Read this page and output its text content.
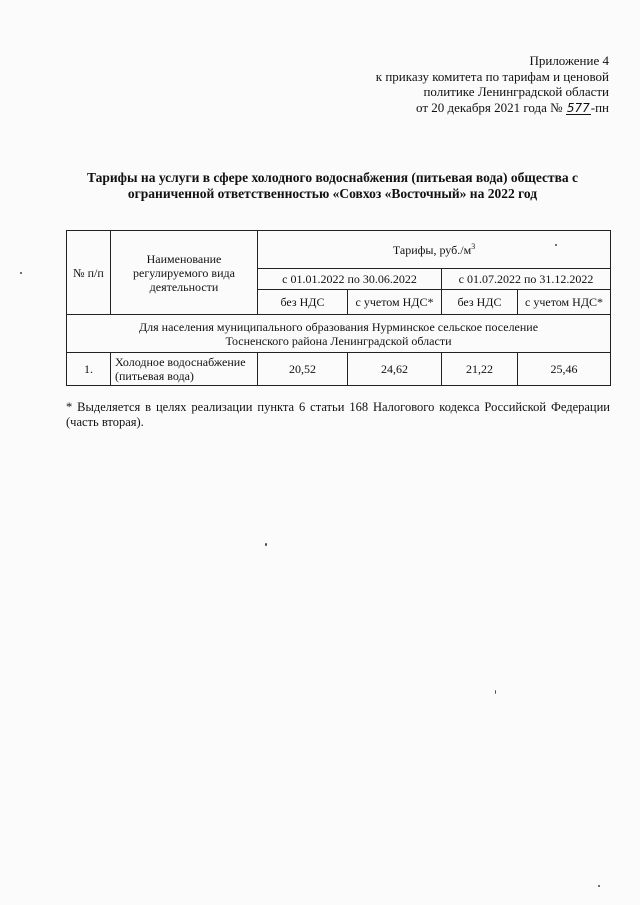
Приложение 4
к приказу комитета по тарифам и ценовой
политике Ленинградской области
от 20 декабря 2021 года № 577-пн
Тарифы на услуги в сфере холодного водоснабжения (питьевая вода) общества с
ограниченной ответственностью «Совхоз «Восточный» на 2022 год
№ п/п	Наименование регулируемого вида деятельности	Тарифы, $руб./м^3$
		с 01.01.2022 по 30.06.2022		с 01.07.2022 по 31.12.2022	
		без НДС	с учетом НДС*	без НДС	с учетом НДС*

Для населения муниципального образования Нурминское сельское поселение
Тосненского района Ленинградской области					

1.	Холодное водоснабжение (питьевая вода)	20,52	24,62	21,22	25,46
* Выделяется в целях реализации пункта 6 статьи 168 Налогового кодекса Российской Федерации (часть вторая).
